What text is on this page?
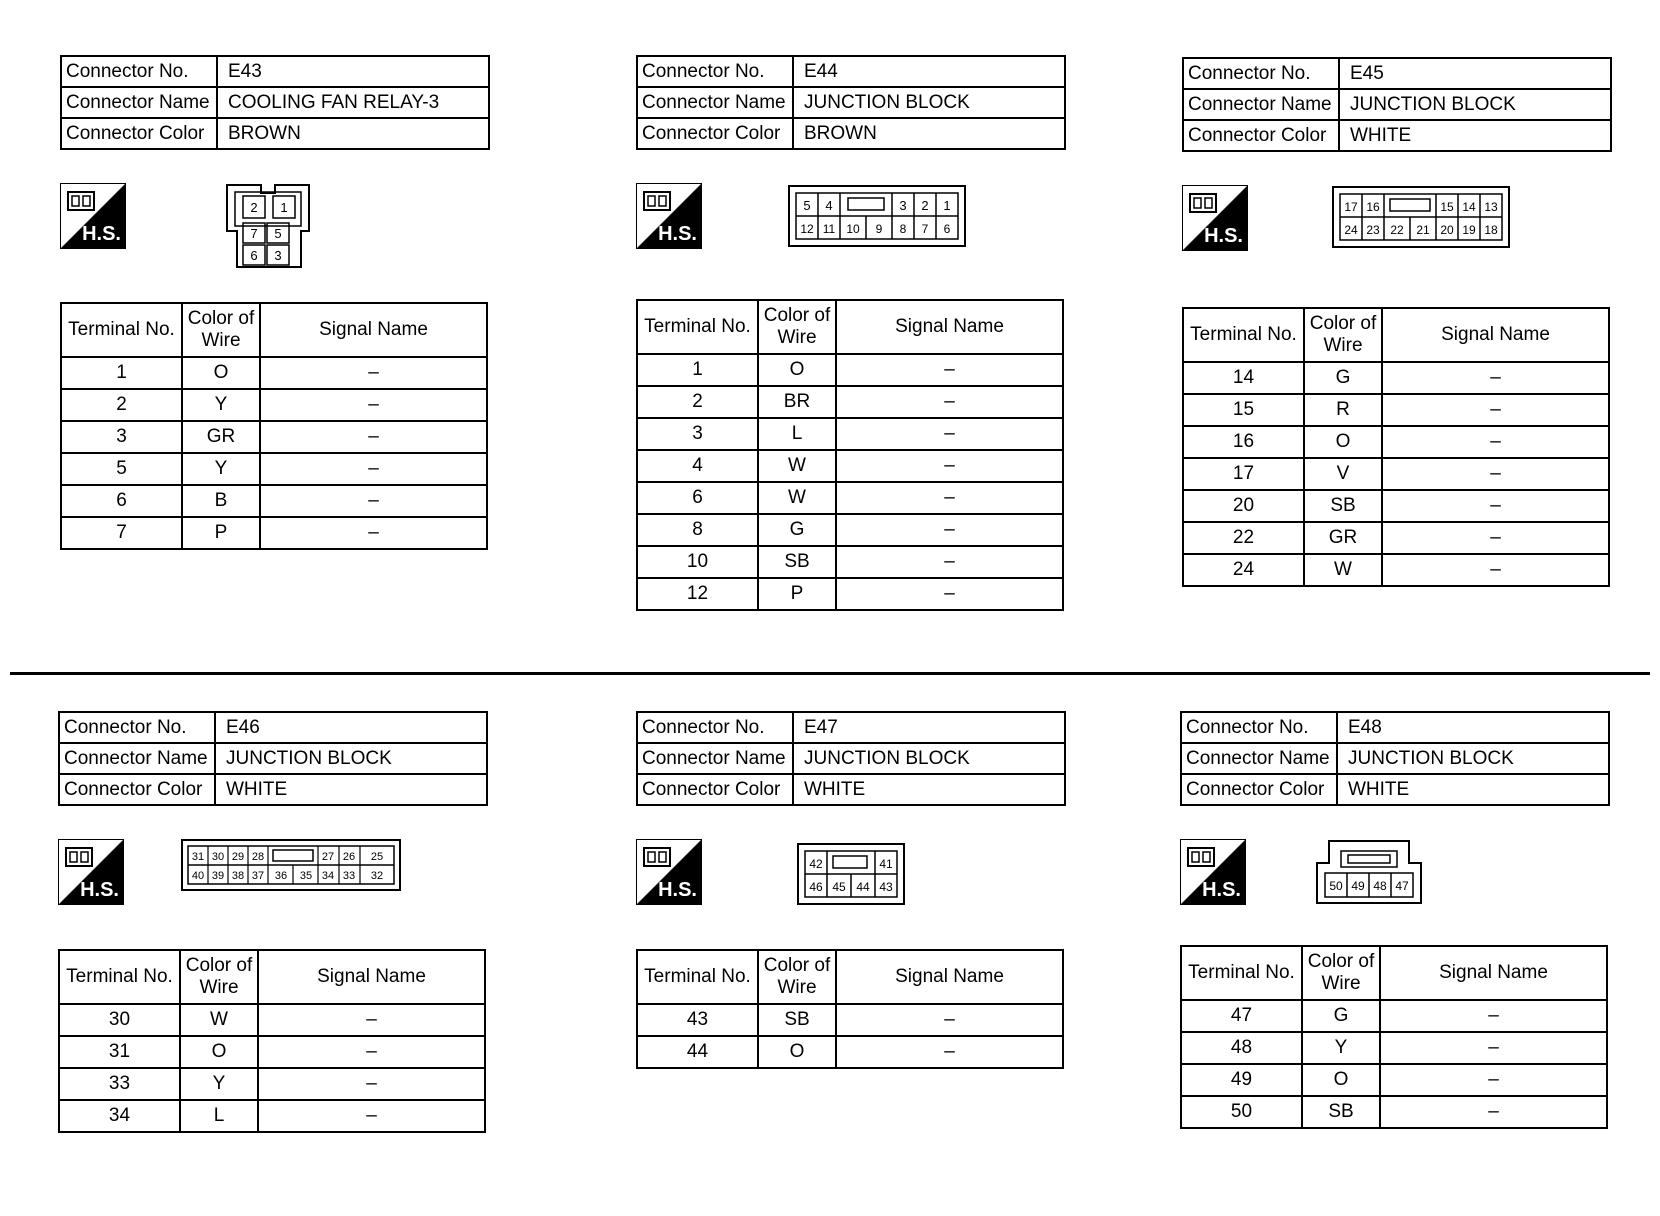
Connector No.	E43
Connector Name	COOLING FAN RELAY-3
Connector Color	BROWN
H.S.
2 1
7 5
6 3
Terminal No.	Color of Wire	Signal Name
1	O	–
2	Y	–
3	GR	–
5	Y	–
6	B	–
7	P	–
Connector No.	E44
Connector Name	JUNCTION BLOCK
Connector Color	BROWN
H.S.
5 4	3 2 1
12 11 10 9 8 7 6
Terminal No.	Color of Wire	Signal Name
1	O	–
2	BR	–
3	L	–
4	W	–
6	W	–
8	G	–
10	SB	–
12	P	–
Connector No.	E45
Connector Name	JUNCTION BLOCK
Connector Color	WHITE
H.S.
17 16	15 14 13
24 23 22 21 20 19 18
Terminal No.	Color of Wire	Signal Name
14	G	–
15	R	–
16	O	–
17	V	–
20	SB	–
22	GR	–
24	W	–
Connector No.	E46
Connector Name	JUNCTION BLOCK
Connector Color	WHITE
H.S.
31 30 29 28	27 26 25
40 39 38 37 36 35 34 33 32
Terminal No.	Color of Wire	Signal Name
30	W	–
31	O	–
33	Y	–
34	L	–
Connector No.	E47
Connector Name	JUNCTION BLOCK
Connector Color	WHITE
H.S.
42	41
46 45 44 43
Terminal No.	Color of Wire	Signal Name
43	SB	–
44	O	–
Connector No.	E48
Connector Name	JUNCTION BLOCK
Connector Color	WHITE
H.S.	50 49 48 47
Terminal No.	Color of Wire	Signal Name
47	G	–
48	Y	–
49	O	–
50	SB	–
